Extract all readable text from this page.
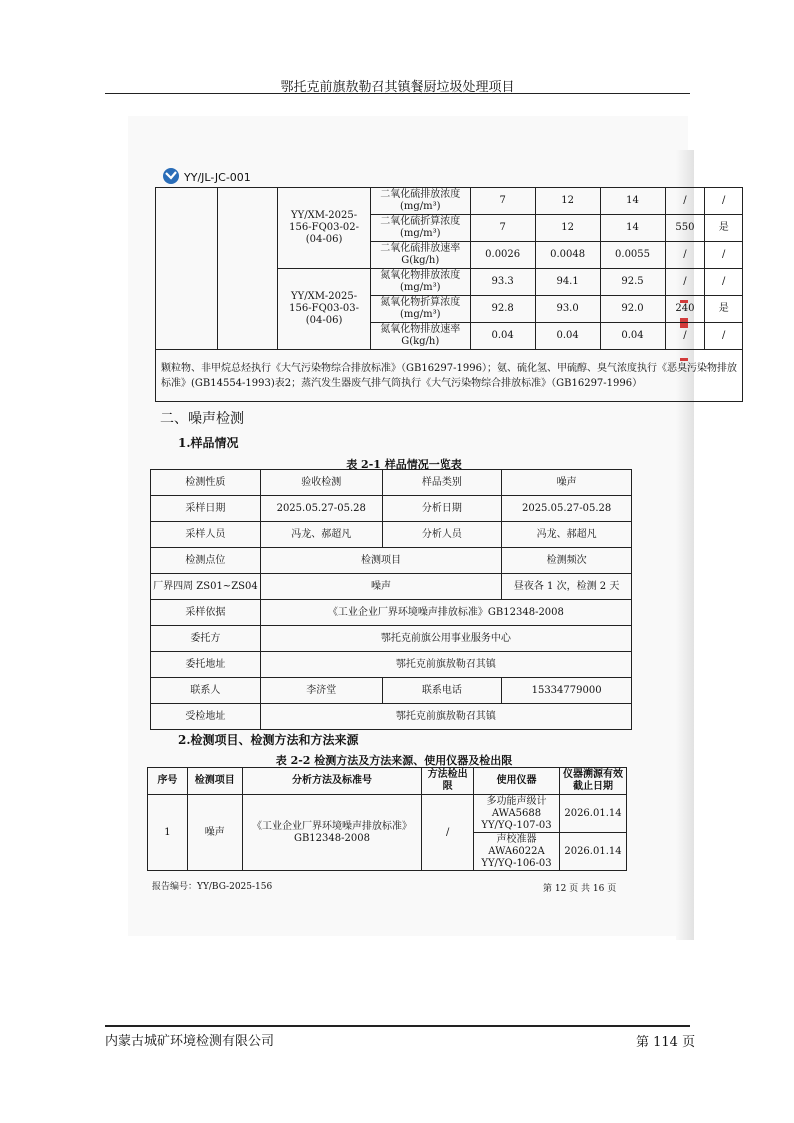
鄂托克前旗敖勒召其镇餐厨垃圾处理项目
YY/JL-JC-001
		YY/XM-2025-156-FQ03-02-(04-06)	二氧化硫排放浓度(mg/m³)	7	12	14	/	/
			二氧化硫折算浓度(mg/m³)	7	12	14	550	是
			二氧化硫排放速率G(kg/h)	0.0026	0.0048	0.0055	/	/
		YY/XM-2025-156-FQ03-03-(04-06)	氮氧化物排放浓度(mg/m³)	93.3	94.1	92.5	/	/
			氮氧化物折算浓度(mg/m³)	92.8	93.0	92.0	240	是
			氮氧化物排放速率G(kg/h)	0.04	0.04	0.04	/	/
颗粒物、非甲烷总烃执行《大气污染物综合排放标准》（GB16297-1996）；氨、硫化氢、甲硫醇、臭气浓度执行《恶臭污染物排放标准》(GB14554-1993)表2；蒸汽发生器废气排气筒执行《大气污染物综合排放标准》（GB16297-1996）								
二、噪声检测
1.样品情况
表 2-1 样品情况一览表
检测性质	验收检测	样品类别	噪声
采样日期	2025.05.27-05.28	分析日期	2025.05.27-05.28
采样人员	冯龙、郝超凡	分析人员	冯龙、郝超凡
检测点位	检测项目		检测频次
厂界四周 ZS01~ZS04	噪声		昼夜各 1 次，检测 2 天
采样依据	《工业企业厂界环境噪声排放标准》GB12348-2008		
委托方	鄂托克前旗公用事业服务中心		
委托地址	鄂托克前旗敖勒召其镇		
联系人	李济堂	联系电话	15334779000
受检地址	鄂托克前旗敖勒召其镇		
2.检测项目、检测方法和方法来源
表 2-2 检测方法及方法来源、使用仪器及检出限
序号	检测项目	分析方法及标准号	方法检出限	使用仪器	仪器溯源有效截止日期
1	噪声	《工业企业厂界环境噪声排放标准》GB12348-2008	/	多功能声级计 AWA5688 YY/YQ-107-03	2026.01.14
				声校准器 AWA6022A YY/YQ-106-03	2026.01.14
报告编号：YY/BG-2025-156	第 12 页 共 16 页
内蒙古城矿环境检测有限公司	第 114 页
